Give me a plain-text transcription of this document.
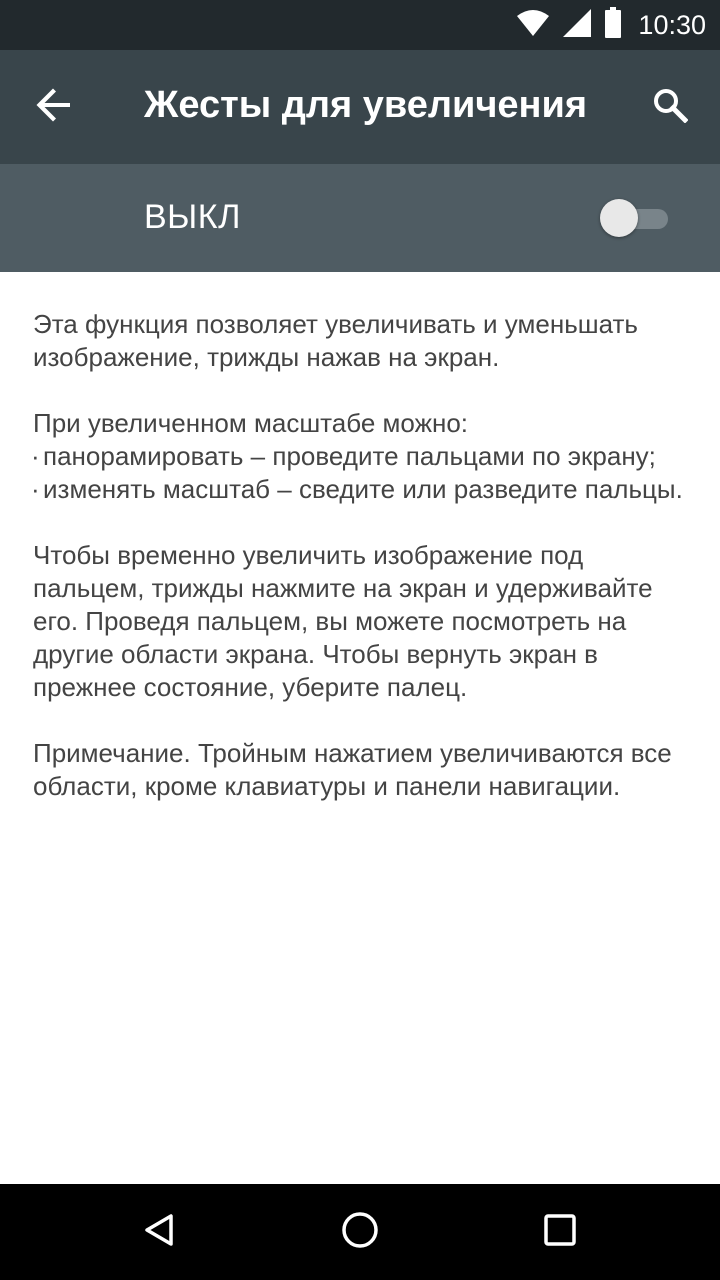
10:30
Жесты для увеличения
ВЫКЛ

Эта функция позволяет увеличивать и уменьшать изображение, трижды нажав на экран.

При увеличенном масштабе можно:
· панорамировать – проведите пальцами по экрану;
· изменять масштаб – сведите или разведите пальцы.

Чтобы временно увеличить изображение под пальцем, трижды нажмите на экран и удерживайте его. Проведя пальцем, вы можете посмотреть на другие области экрана. Чтобы вернуть экран в прежнее состояние, уберите палец.

Примечание. Тройным нажатием увеличиваются все области, кроме клавиатуры и панели навигации.
